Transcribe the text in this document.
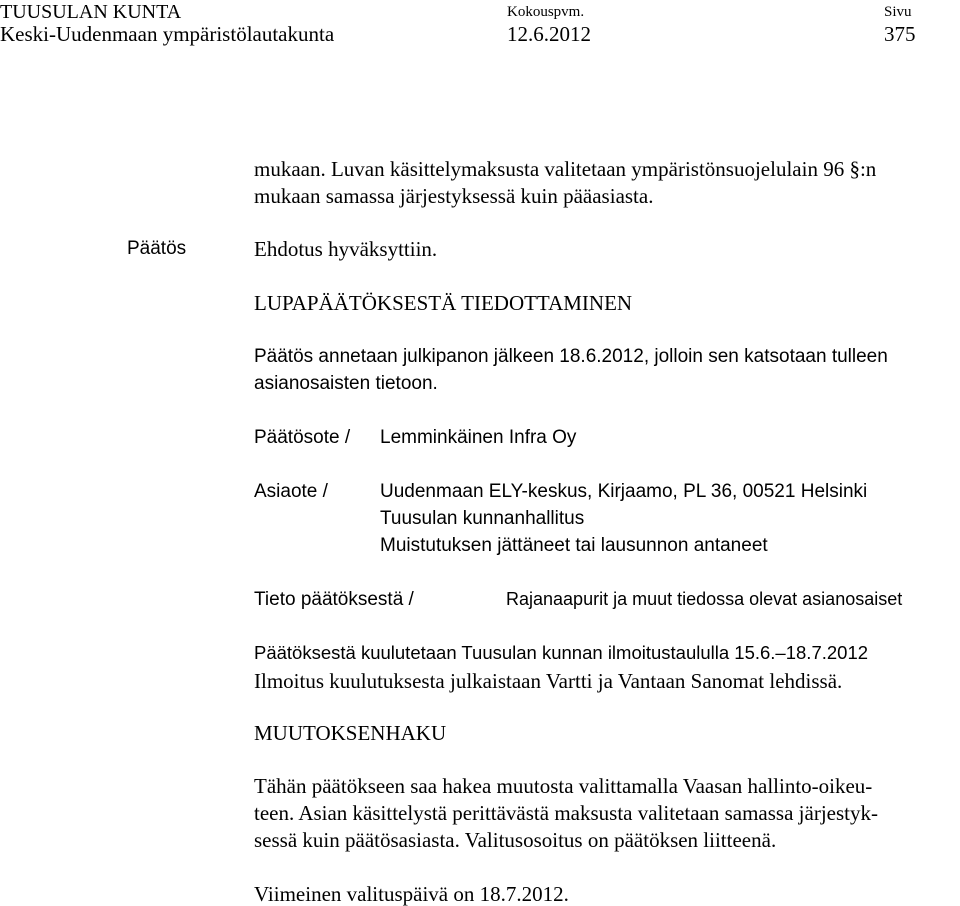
TUUSULAN KUNTA
Keski-Uudenmaan ympäristölautakunta
Kokouspvm.
12.6.2012
Sivu
375
mukaan. Luvan käsittelymaksusta valitetaan ympäristönsuojelulain 96 §:n
mukaan samassa järjestyksessä kuin pääasiasta.
Päätös	Ehdotus hyväksyttiin.
LUPAPÄÄTÖKSESTÄ TIEDOTTAMINEN
Päätös annetaan julkipanon jälkeen 18.6.2012, jolloin sen katsotaan tulleen
asianosaisten tietoon.
Päätösote / Lemminkäinen Infra Oy
Asiaote /	Uudenmaan ELY-keskus, Kirjaamo, PL 36, 00521 Helsinki
Tuusulan kunnanhallitus
Muistutuksen jättäneet tai lausunnon antaneet
Tieto päätöksestä /	Rajanaapurit ja muut tiedossa olevat asianosaiset
Päätöksestä kuulutetaan Tuusulan kunnan ilmoitustaululla 15.6.–18.7.2012
Ilmoitus kuulutuksesta julkaistaan Vartti ja Vantaan Sanomat lehdissä.
MUUTOKSENHAKU
Tähän päätökseen saa hakea muutosta valittamalla Vaasan hallinto-oikeu-
teen. Asian käsittelystä perittävästä maksusta valitetaan samassa järjestyk-
sessä kuin päätösasiasta. Valitusosoitus on päätöksen liitteenä.
Viimeinen valituspäivä on 18.7.2012.
